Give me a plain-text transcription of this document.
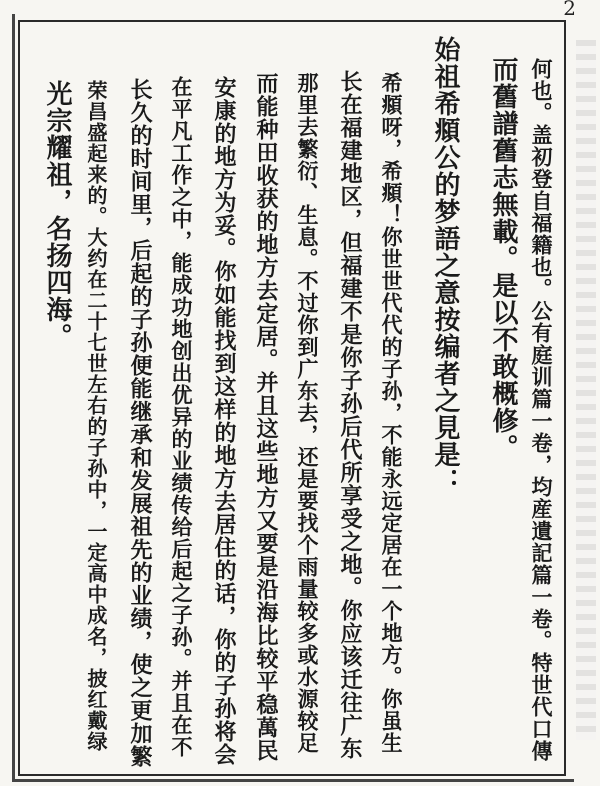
2
何也。盖初登自福籍也。公有庭训篇一卷，均産遺記篇一卷。特世代口傳
而舊譜舊志無載。是以不敢概修。
始祖希頫公的梦語之意按编者之見是：
希頫呀，希頫！你世世代代的子孙，不能永远定居在一个地方。你虽生
长在福建地区，但福建不是你子孙后代所享受之地。你应该迁往广东
那里去繁衍、生息。不过你到广东去，还是要找个雨量较多或水源较足
而能种田收获的地方去定居。并且这些地方又要是沿海比较平稳萬民
安康的地方为妥。你如能找到这样的地方去居住的话，你的子孙将会
在平凡工作之中，能成功地创出优异的业绩传给后起之子孙。并且在不
长久的时间里，后起的子孙便能继承和发展祖先的业绩，使之更加繁
荣昌盛起来的。大约在二十七世左右的子孙中，一定高中成名，披红戴绿
光宗耀祖，名扬四海。
